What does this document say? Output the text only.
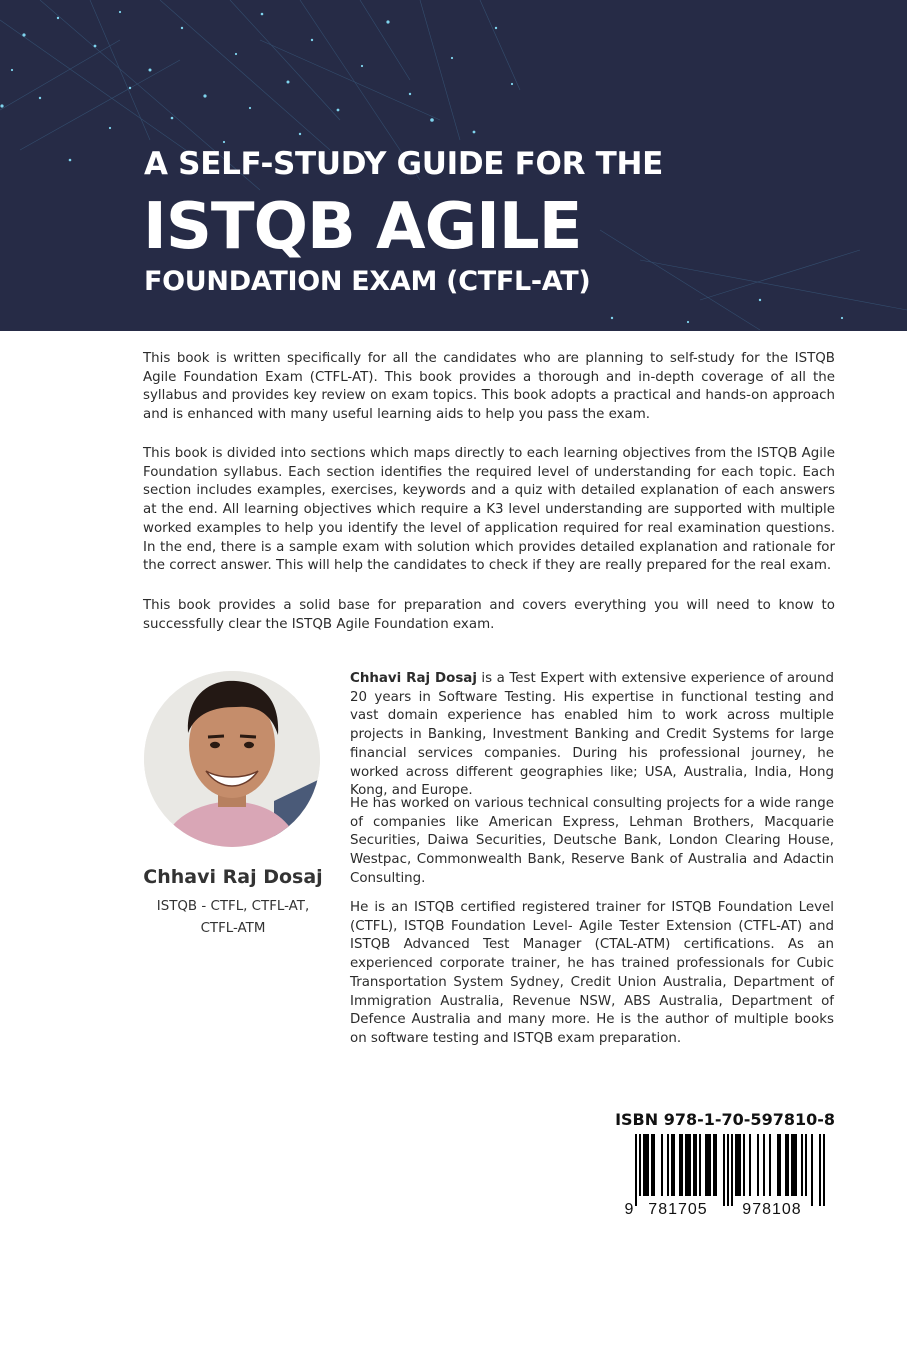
A SELF-STUDY GUIDE FOR THE
ISTQB AGILE
FOUNDATION EXAM (CTFL-AT)

This book is written specifically for all the candidates who are planning to self-study for the ISTQB Agile Foundation Exam (CTFL-AT). This book provides a thorough and in-depth coverage of all the syllabus and provides key review on exam topics. This book adopts a practical and hands-on approach and is enhanced with many useful learning aids to help you pass the exam.

This book is divided into sections which maps directly to each learning objectives from the ISTQB Agile Foundation syllabus. Each section identifies the required level of understanding for each topic. Each section includes examples, exercises, keywords and a quiz with detailed explanation of each answers at the end. All learning objectives which require a K3 level understanding are supported with multiple worked examples to help you identify the level of application required for real examination questions. In the end, there is a sample exam with solution which provides detailed explanation and rationale for the correct answer. This will help the candidates to check if they are really prepared for the real exam.

This book provides a solid base for preparation and covers everything you will need to know to successfully clear the ISTQB Agile Foundation exam.

Chhavi Raj Dosaj
ISTQB - CTFL, CTFL-AT,
CTFL-ATM

Chhavi Raj Dosaj is a Test Expert with extensive experience of around 20 years in Software Testing. His expertise in functional testing and vast domain experience has enabled him to work across multiple projects in Banking, Investment Banking and Credit Systems for large financial services companies. During his professional journey, he worked across different geographies like; USA, Australia, India, Hong Kong, and Europe.

He has worked on various technical consulting projects for a wide range of companies like American Express, Lehman Brothers, Macquarie Securities, Daiwa Securities, Deutsche Bank, London Clearing House, Westpac, Commonwealth Bank, Reserve Bank of Australia and Adactin Consulting.

He is an ISTQB certified registered trainer for ISTQB Foundation Level (CTFL), ISTQB Foundation Level- Agile Tester Extension (CTFL-AT) and ISTQB Advanced Test Manager (CTAL-ATM) certifications. As an experienced corporate trainer, he has trained professionals for Cubic Transportation System Sydney, Credit Union Australia, Department of Immigration Australia, Revenue NSW, ABS Australia, Department of Defence Australia and many more. He is the author of multiple books on software testing and ISTQB exam preparation.

ISBN 978-1-70-597810-8
9 781705 978108
